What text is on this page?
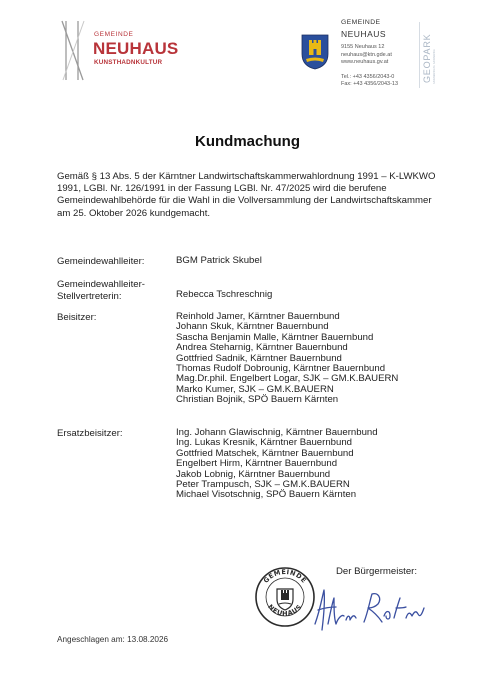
GEMEINDE
NEUHAUS
KUNSTHADNKULTUR
GEMEINDE
NEUHAUS
9155 Neuhaus 12
neuhaus@ktn.gde.at
www.neuhaus.gv.at
Tel.: +43 4356/2043-0
Fax: +43 4356/2043-13
GEOPARK KARAWANKEN • KARAVANKE
Kundmachung
Gemäß § 13 Abs. 5 der Kärntner Landwirtschaftskammerwahlordnung 1991 – K-LWKWO 1991, LGBl. Nr. 126/1991 in der Fassung LGBl. Nr. 47/2025 wird die berufene Gemeindewahlbehörde für die Wahl in die Vollversammlung der Landwirtschaftskammer am 25. Oktober 2026 kundgemacht.
Gemeindewahlleiter:	BGM Patrick Skubel
Gemeindewahlleiter-
Stellvertreterin:	Rebecca Tschreschnig
Beisitzer:	Reinhold Jamer, Kärntner Bauernbund
Johann Skuk, Kärntner Bauernbund
Sascha Benjamin Malle, Kärntner Bauernbund
Andrea Steharnig, Kärntner Bauernbund
Gottfried Sadnik, Kärntner Bauernbund
Thomas Rudolf Dobrounig, Kärntner Bauernbund
Mag.Dr.phil. Engelbert Logar, SJK – GM.K.BAUERN
Marko Kumer, SJK – GM.K.BAUERN
Christian Bojnik, SPÖ Bauern Kärnten
Ersatzbeisitzer:	Ing. Johann Glawischnig, Kärntner Bauernbund
Ing. Lukas Kresnik, Kärntner Bauernbund
Gottfried Matschek, Kärntner Bauernbund
Engelbert Hirm, Kärntner Bauernbund
Jakob Lobnig, Kärntner Bauernbund
Peter Trampusch, SJK – GM.K.BAUERN
Michael Visotschnig, SPÖ Bauern Kärnten
GEMEINDE
NEUHAUS
Der Bürgermeister:
Angeschlagen am: 13.08.2026
